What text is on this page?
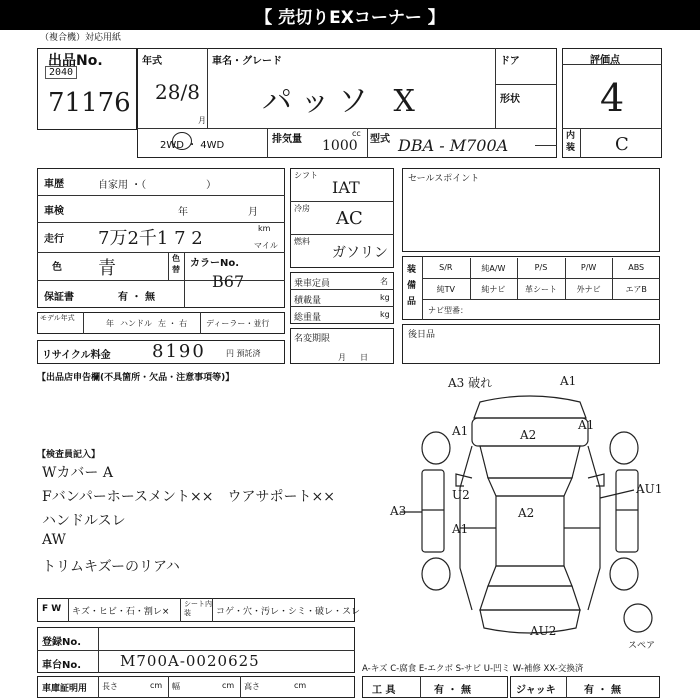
【 売切りEXコーナー 】
（複合機）対応用紙
出品No.
2040
71176
年式
28/8
月
車名・グレード
パッソ X
ドア
形状
2WD ・ 4WD
排気量
cc
1000 型式 DBA - M700A
評価点
4
内装 C
車歴	自家用 ・（　　　　　　）
車検	年	月
走行 7万2千1 7 2	km
マイル
色 青	色替
カラーNo.
B67
保証書	有 ・ 無
モデル年式
年 ハンドル 左 ・ 右 ディーラー・並行
リサイクル料金 8190	円 預託済
シフト
IAT
冷房 AC
燃料
ガソリン
乗車定員	名
積載量	kg
総重量	kg
名変期限
月日
セールスポイント
装備品
S/R	純A/W	P/S	P/W	ABS
純TV	純ナビ	革シート	外ナビ	エアB
ナビ型番：
後日品
【出品店申告欄(不具箇所・欠品・注意事項等)】
【検査員記入】
Wカバー A
Fバンパーホースメント××　ウアサポート××
ハンドルスレ
AW
トリムキズーのリアハ
A3 破れ	A1
A1	A2
A1
U2
A2
A3
AU1
A1
AU2
スペア
F W キズ・ヒビ・石・割レ×
シート内装	コゲ・穴・汚レ・シミ・破レ・スレ
登録No.
車台No.	M700A-0020625
車庫証明用 長さ	cm 幅	cm 高さ	cm
A-キズ C-腐食 E-エクボ S-サビ U-凹ミ W-補修 XX-交換済
工 具	有 ・ 無	ジャッキ	有 ・ 無
